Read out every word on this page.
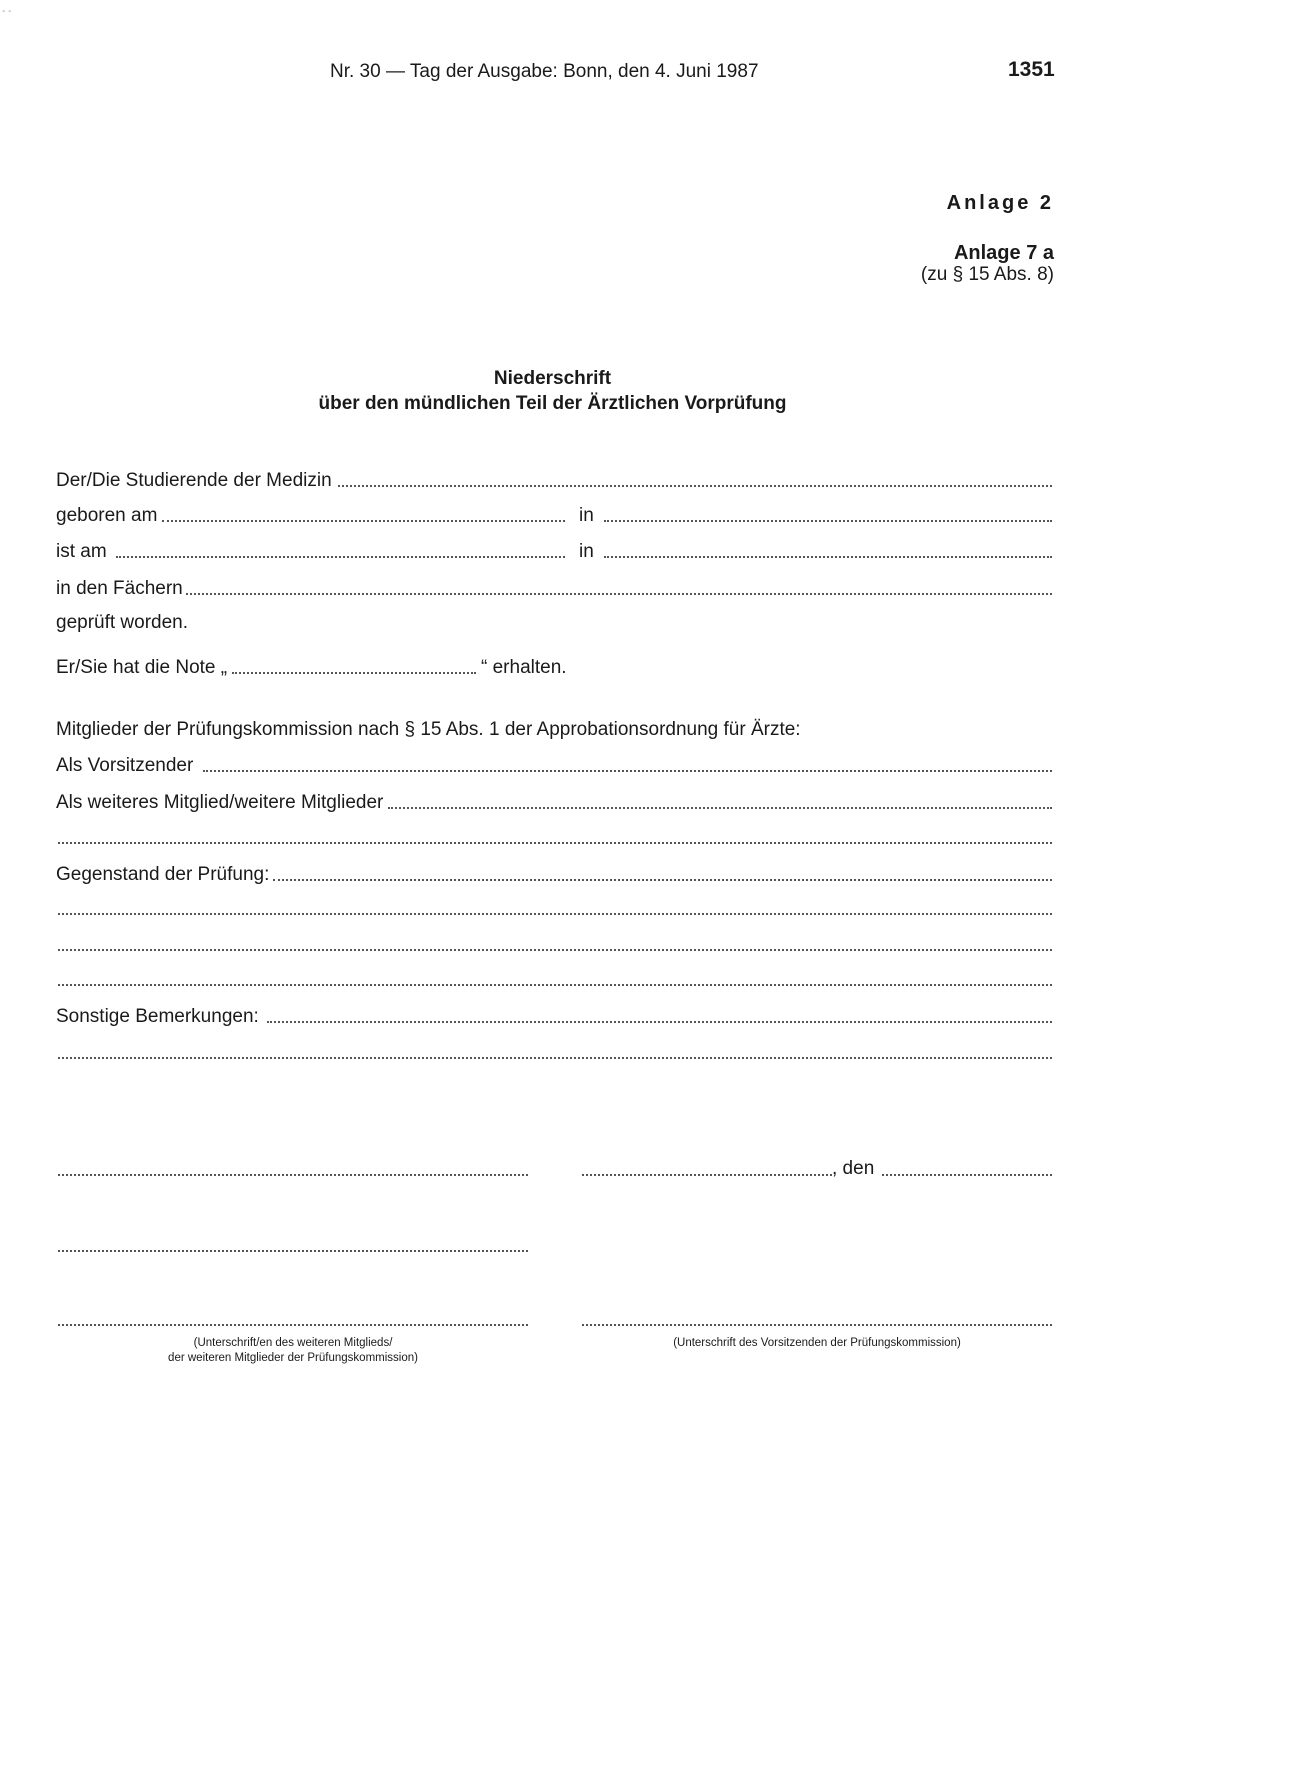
‑ ‑
Nr. 30 — Tag der Ausgabe: Bonn, den 4. Juni 1987	1351
Anlage 2
Anlage 7 a
(zu § 15 Abs. 8)
Niederschrift
über den mündlichen Teil der Ärztlichen Vorprüfung
Der/Die Studierende der Medizin
geboren am	in
ist am	in
in den Fächern
geprüft worden.
Er/Sie hat die Note „	“ erhalten.
Mitglieder der Prüfungskommission nach § 15 Abs. 1 der Approbationsordnung für Ärzte:
Als Vorsitzender
Als weiteres Mitglied/weitere Mitglieder
Gegenstand der Prüfung:
Sonstige Bemerkungen:
, den
(Unterschrift/en des weiteren Mitglieds/
der weiteren Mitglieder der Prüfungskommission)
(Unterschrift des Vorsitzenden der Prüfungskommission)
